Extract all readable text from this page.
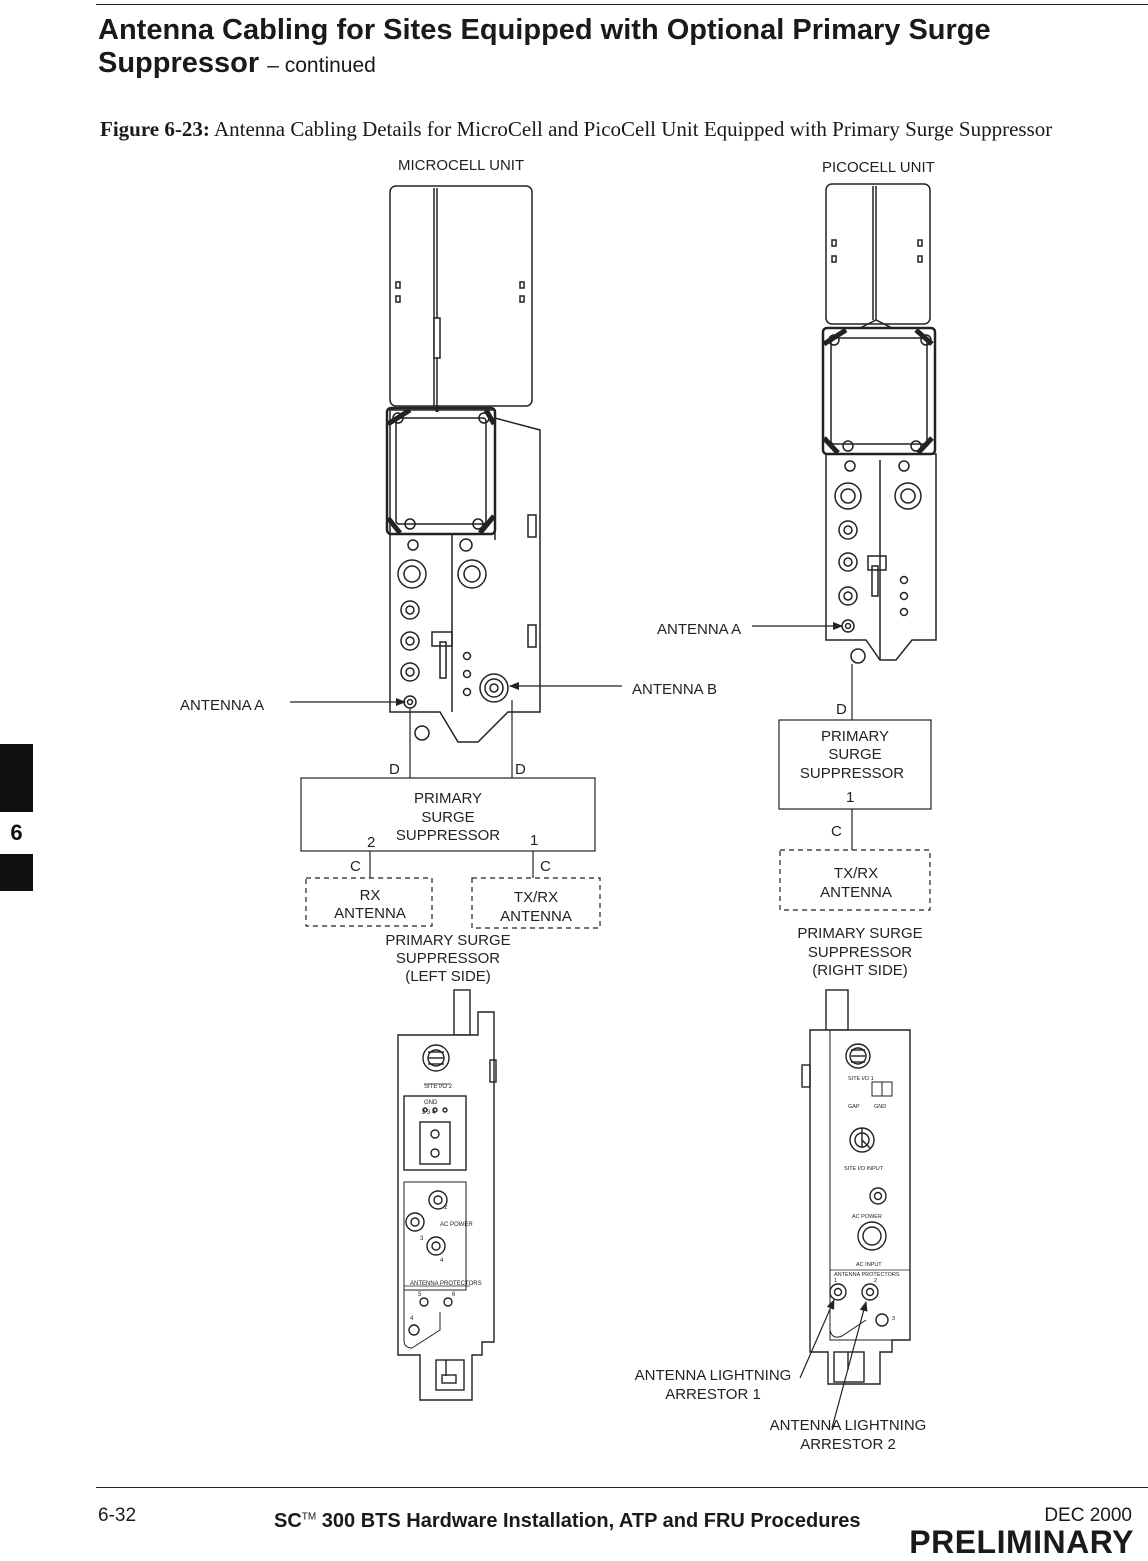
Antenna Cabling for Sites Equipped with Optional Primary Surge Suppressor – continued
Figure 6-23: Antenna Cabling Details for MicroCell and PicoCell Unit Equipped with Primary Surge Suppressor
MICROCELL UNIT
ANTENNA A
ANTENNA B
D	D
PRIMARY
SURGE
SUPPRESSOR
2	1
C	C
RX
ANTENNA
TX/RX
ANTENNA
PRIMARY SURGE
SUPPRESSOR
(LEFT SIDE)
SITE I/O 2
GND
2 3 4
AC POWER
2
3
4
ANTENNA PROTECTORS
5	6
4
PICOCELL UNIT
ANTENNA A
D
PRIMARY
SURGE
SUPPRESSOR
1
C
TX/RX
ANTENNA
PRIMARY SURGE
SUPPRESSOR
(RIGHT SIDE)
SITE I/O 1
GAP	GND
SITE I/O INPUT
AC POWER
AC INPUT
ANTENNA PROTECTORS
1	2
3
ANTENNA LIGHTNING
ARRESTOR 1
ANTENNA LIGHTNING
ARRESTOR 2
6
6-32	SC™ 300 BTS Hardware Installation, ATP and FRU Procedures	DEC 2000
PRELIMINARY
